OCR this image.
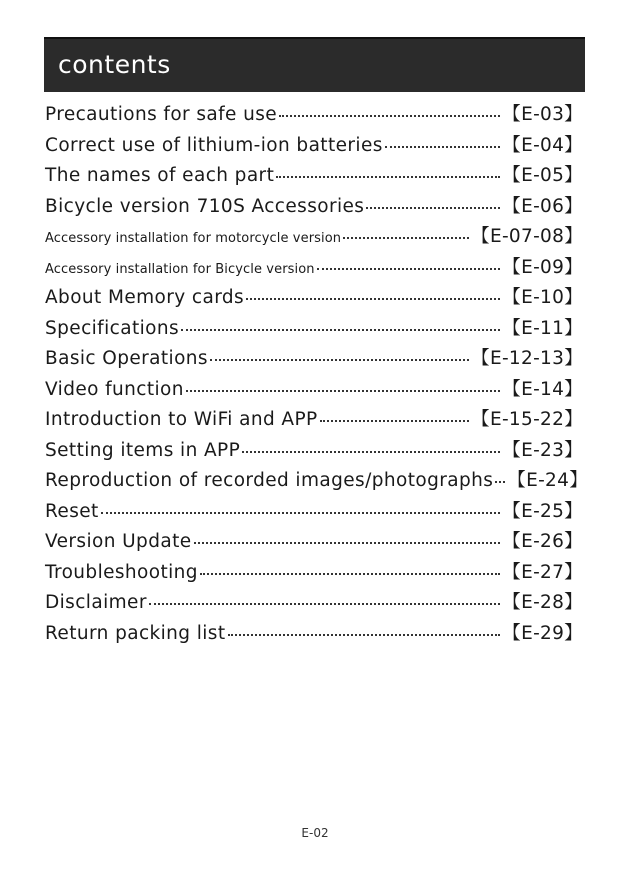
contents
Precautions for safe use	【E-03】
Correct use of lithium-ion batteries	【E-04】
The names of each part	【E-05】
Bicycle version 710S Accessories	【E-06】
Accessory installation for motorcycle version	【E-07-08】
Accessory installation for Bicycle version	【E-09】
About Memory cards	【E-10】
Specifications	【E-11】
Basic Operations	【E-12-13】
Video function	【E-14】
Introduction to WiFi and APP	【E-15-22】
Setting items in APP	【E-23】
Reproduction of recorded images/photographs 【E-24】
Reset	【E-25】
Version Update	【E-26】
Troubleshooting	【E-27】
Disclaimer	【E-28】
Return packing list	【E-29】
E-02
